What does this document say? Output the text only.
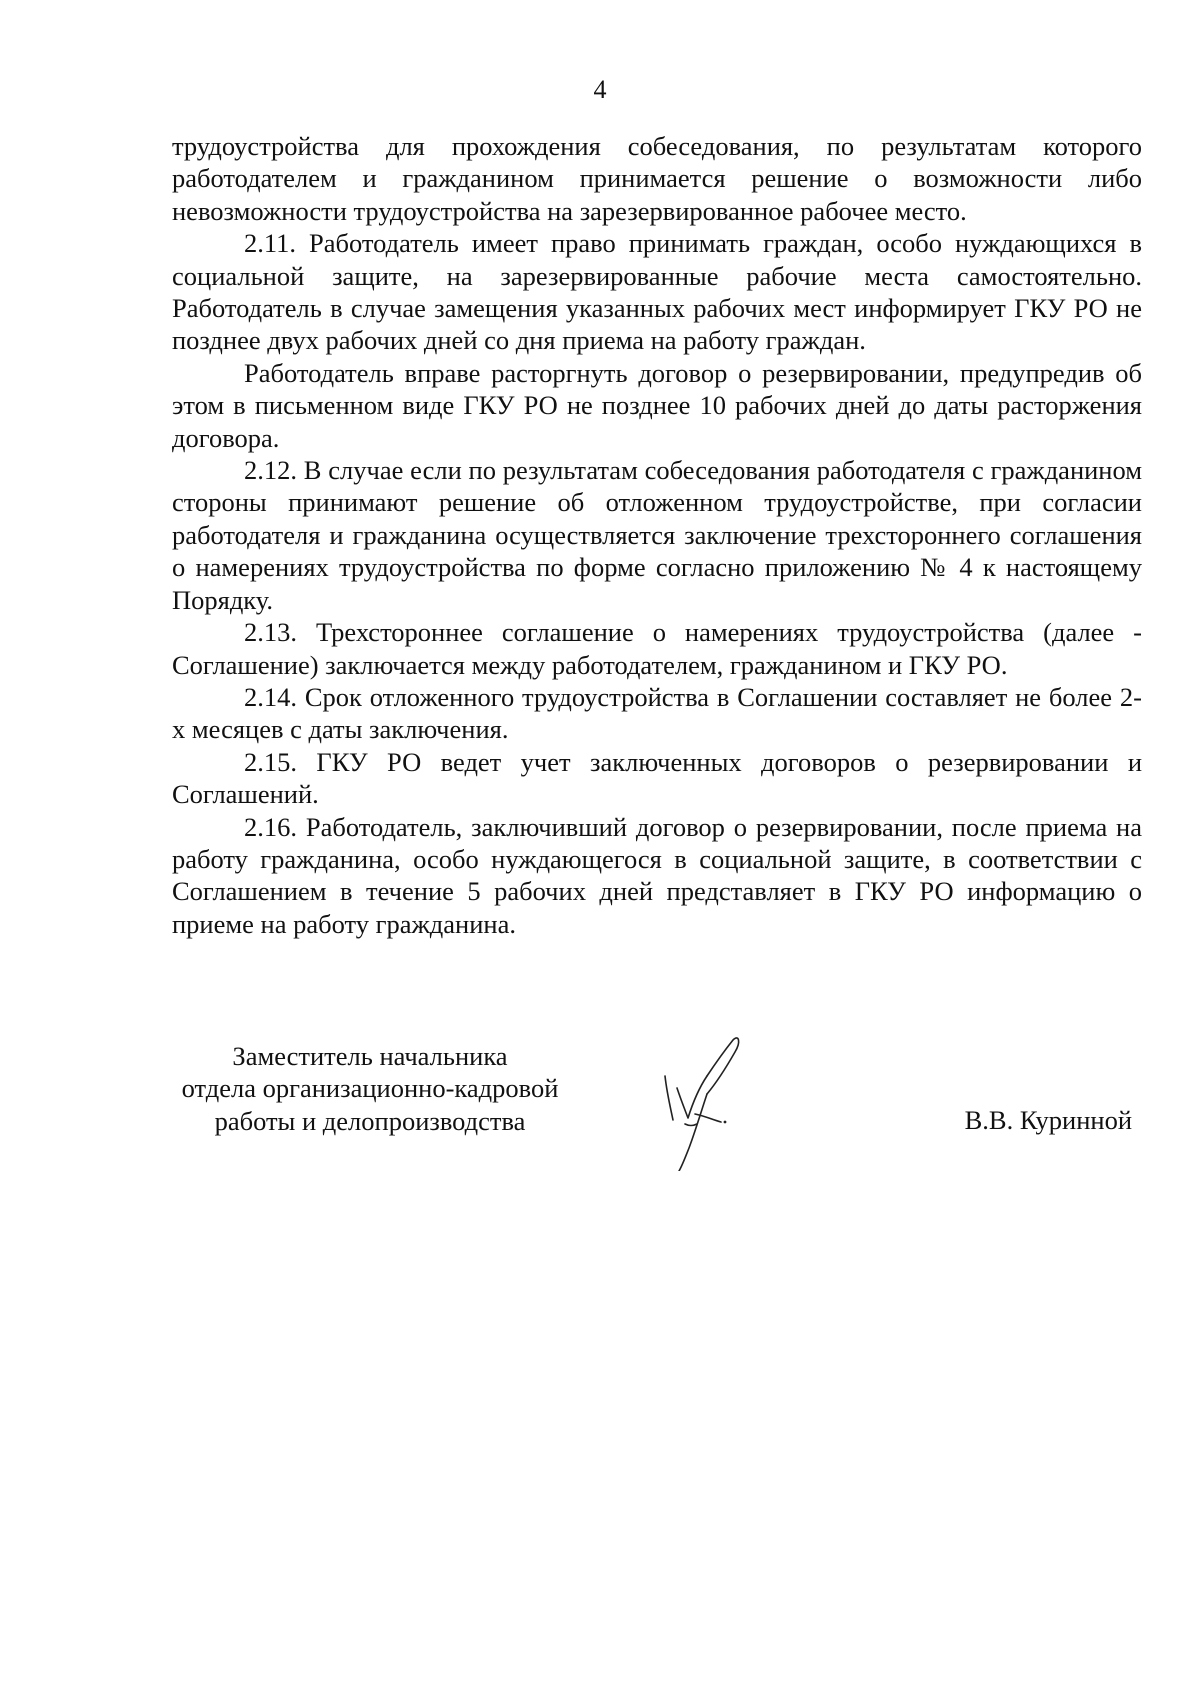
4

трудоустройства для прохождения собеседования, по результатам которого работодателем и гражданином принимается решение о возможности либо невозможности трудоустройства на зарезервированное рабочее место.

2.11. Работодатель имеет право принимать граждан, особо нуждающихся в социальной защите, на зарезервированные рабочие места самостоятельно. Работодатель в случае замещения указанных рабочих мест информирует ГКУ РО не позднее двух рабочих дней со дня приема на работу граждан.

Работодатель вправе расторгнуть договор о резервировании, предупредив об этом в письменном виде ГКУ РО не позднее 10 рабочих дней до даты расторжения договора.

2.12. В случае если по результатам собеседования работодателя с гражданином стороны принимают решение об отложенном трудоустройстве, при согласии работодателя и гражданина осуществляется заключение трехстороннего соглашения о намерениях трудоустройства по форме согласно приложению № 4 к настоящему Порядку.

2.13. Трехстороннее соглашение о намерениях трудоустройства (далее - Соглашение) заключается между работодателем, гражданином и ГКУ РО.

2.14. Срок отложенного трудоустройства в Соглашении составляет не более 2-х месяцев с даты заключения.

2.15. ГКУ РО ведет учет заключенных договоров о резервировании и Соглашений.

2.16. Работодатель, заключивший договор о резервировании, после приема на работу гражданина, особо нуждающегося в социальной защите, в соответствии с Соглашением в течение 5 рабочих дней представляет в ГКУ РО информацию о приеме на работу гражданина.

Заместитель начальника
отдела организационно-кадровой
работы и делопроизводства	В.В. Куринной
